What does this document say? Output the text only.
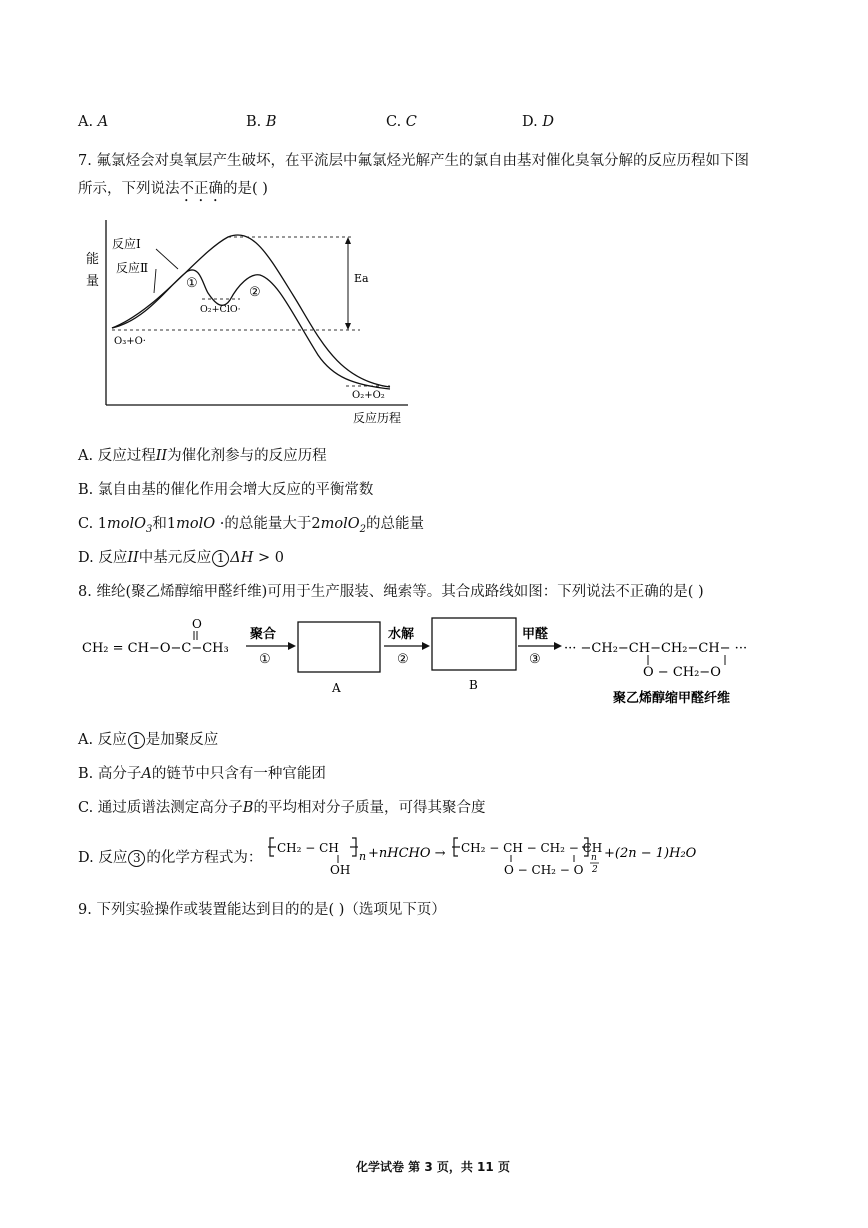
A. A	B. B	C. C	D. D
7. 氟氯烃会对臭氧层产生破坏，在平流层中氟氯烃光解产生的氯自由基对催化臭氧分解的反应历程如下图
所示，下列说法不正确的是( )
能
量
反应Ⅰ
反应Ⅱ
①
②
O₂+ClO·
O₃+O·
O₂+O₂
Ea
反应历程
A. 反应过程II为催化剂参与的反应历程
B. 氯自由基的催化作用会增大反应的平衡常数
C. 1molO$_3$和1molO ·的总能量大于2molO$_2$的总能量
D. 反应II中基元反应 1 ΔH > 0
8. 维纶(聚乙烯醇缩甲醛纤维)可用于生产服装、绳索等。其合成路线如图：下列说法不正确的是( )
O
CH₂ = CH−O−C−CH₃
聚合
①
A
水解
②
B
甲醛
③
··· −CH₂−CH−CH₂−CH− ···
O − CH₂−O
聚乙烯醇缩甲醛纤维
A. 反应 1 是加聚反应
B. 高分子A的链节中只含有一种官能团
C. 通过质谱法测定高分子B的平均相对分子质量，可得其聚合度
D. 反应 3 的化学方程式为：
CH₂ − CH
OH
n +nHCHO → CH₂ − CH − CH₂ − CH
O − CH₂ − O
n
2
+(2n − 1)H₂O
9. 下列实验操作或装置能达到目的的是( )（选项见下页）
化学试卷 第 3 页，共 11 页
